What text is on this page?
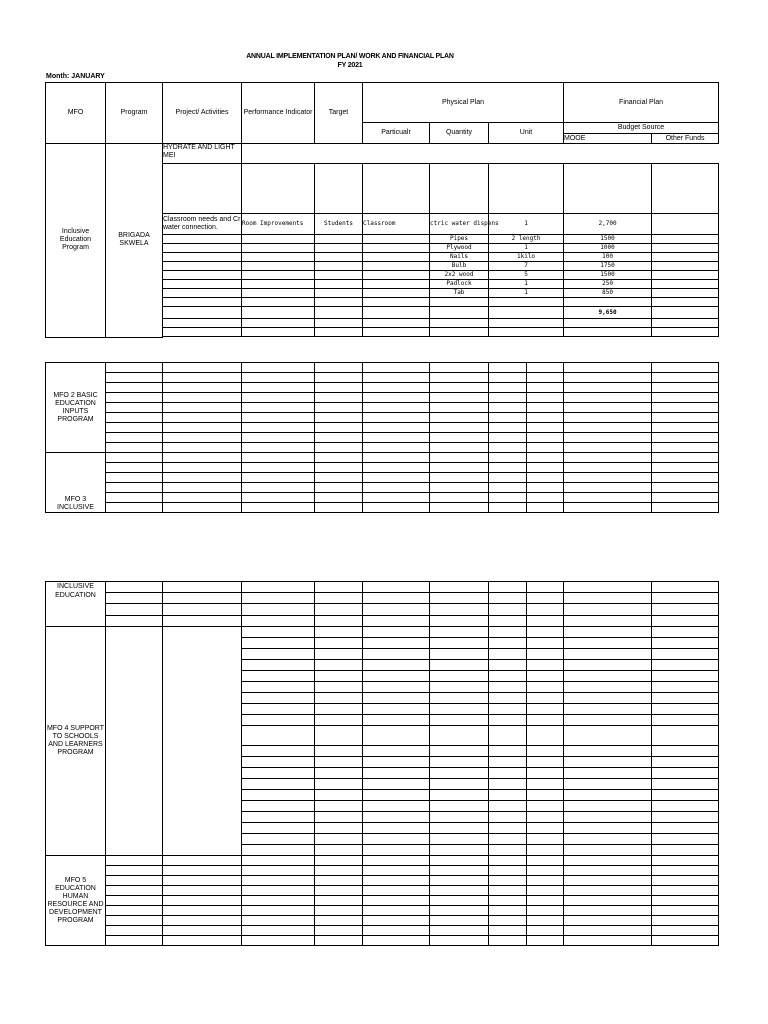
ANNUAL IMPLEMENTATION PLAN/ WORK AND FINANCIAL PLAN
FY 2021
Month: JANUARY
MFO	Program	Project/ Activities	Performance Indicator	Target	Physical Plan			Financial Plan	
					Particualr	Quantity	Unit	Budget Source		
								MOOE	Other Funds	
Inclusive Education Program	BRIGADA SKWELA	HYDRATE AND LIGHT MEI								

		Classroom needs and Cr water connection.	Room Improvements	Students	Classroom	ctric water dispens	1	2,700		
						Pipes	2 length	1500		
						Plywood	1	1000		
						Nails	1kilo	100		
						Bulb	7	1750		
						2x2 wood	5	1500		
						Padlock	1	250		
						Tab	1	850		

								9,650		

MFO 2 BASIC EDUCATION INPUTS PROGRAM										

MFO 3 INCLUSIVE										

INCLUSIVE EDUCATION										

MFO 4 SUPPORT TO SCHOOLS AND LEARNERS PROGRAM										

MFO 5 EDUCATION HUMAN RESOURCE AND DEVELOPMENT PROGRAM										
